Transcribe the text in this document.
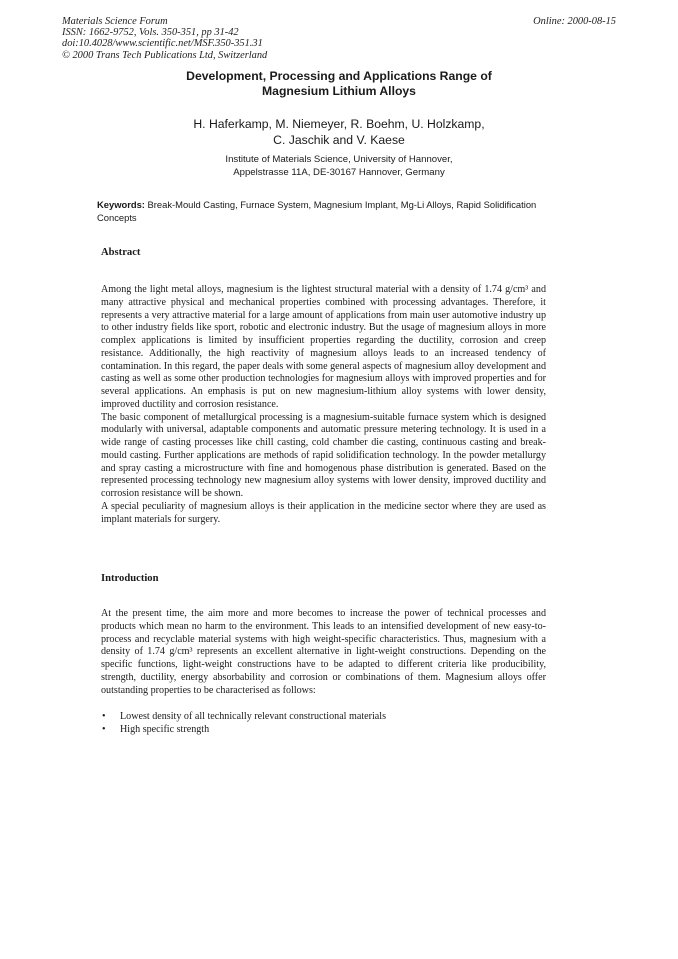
Materials Science Forum
ISSN: 1662-9752, Vols. 350-351, pp 31-42
doi:10.4028/www.scientific.net/MSF.350-351.31
© 2000 Trans Tech Publications Ltd, Switzerland
Online: 2000-08-15
Development, Processing and Applications Range of
Magnesium Lithium Alloys
H. Haferkamp, M. Niemeyer, R. Boehm, U. Holzkamp,
C. Jaschik and V. Kaese
Institute of Materials Science, University of Hannover,
Appelstrasse 11A, DE-30167 Hannover, Germany
Keywords: Break-Mould Casting, Furnace System, Magnesium Implant, Mg-Li Alloys, Rapid Solidification Concepts
Abstract

Among the light metal alloys, magnesium is the lightest structural material with a density of 1.74 g/cm³ and many attractive physical and mechanical properties combined with processing advantages. Therefore, it represents a very attractive material for a large amount of applications from main user automotive industry up to other industry fields like sport, robotic and electronic industry. But the usage of magnesium alloys in more complex applications is limited by insufficient properties regarding the ductility, corrosion and creep resistance. Additionally, the high reactivity of magnesium alloys leads to an increased tendency of contamination. In this regard, the paper deals with some general aspects of magnesium alloy development and casting as well as some other production technologies for magnesium alloys with improved properties and for several applications. An emphasis is put on new magnesium-lithium alloy systems with lower density, improved ductility and corrosion resistance.

The basic component of metallurgical processing is a magnesium-suitable furnace system which is designed modularly with universal, adaptable components and automatic pressure metering technology. It is used in a wide range of casting processes like chill casting, cold chamber die casting, continuous casting and break-mould casting. Further applications are methods of rapid solidification technology. In the powder metallurgy and spray casting a microstructure with fine and homogenous phase distribution is generated. Based on the represented processing technology new magnesium alloy systems with lower density, improved ductility and corrosion resistance will be shown.

A special peculiarity of magnesium alloys is their application in the medicine sector where they are used as implant materials for surgery.

Introduction

At the present time, the aim more and more becomes to increase the power of technical processes and products which mean no harm to the environment. This leads to an intensified development of new easy-to-process and recyclable material systems with high weight-specific characteristics. Thus, magnesium with a density of 1.74 g/cm³ represents an excellent alternative in light-weight constructions. Depending on the specific functions, light-weight constructions have to be adapted to different criteria like producibility, strength, ductility, energy absorbability and corrosion or combinations of them. Magnesium alloys offer outstanding properties to be characterised as follows:

• Lowest density of all technically relevant constructional materials
• High specific strength
